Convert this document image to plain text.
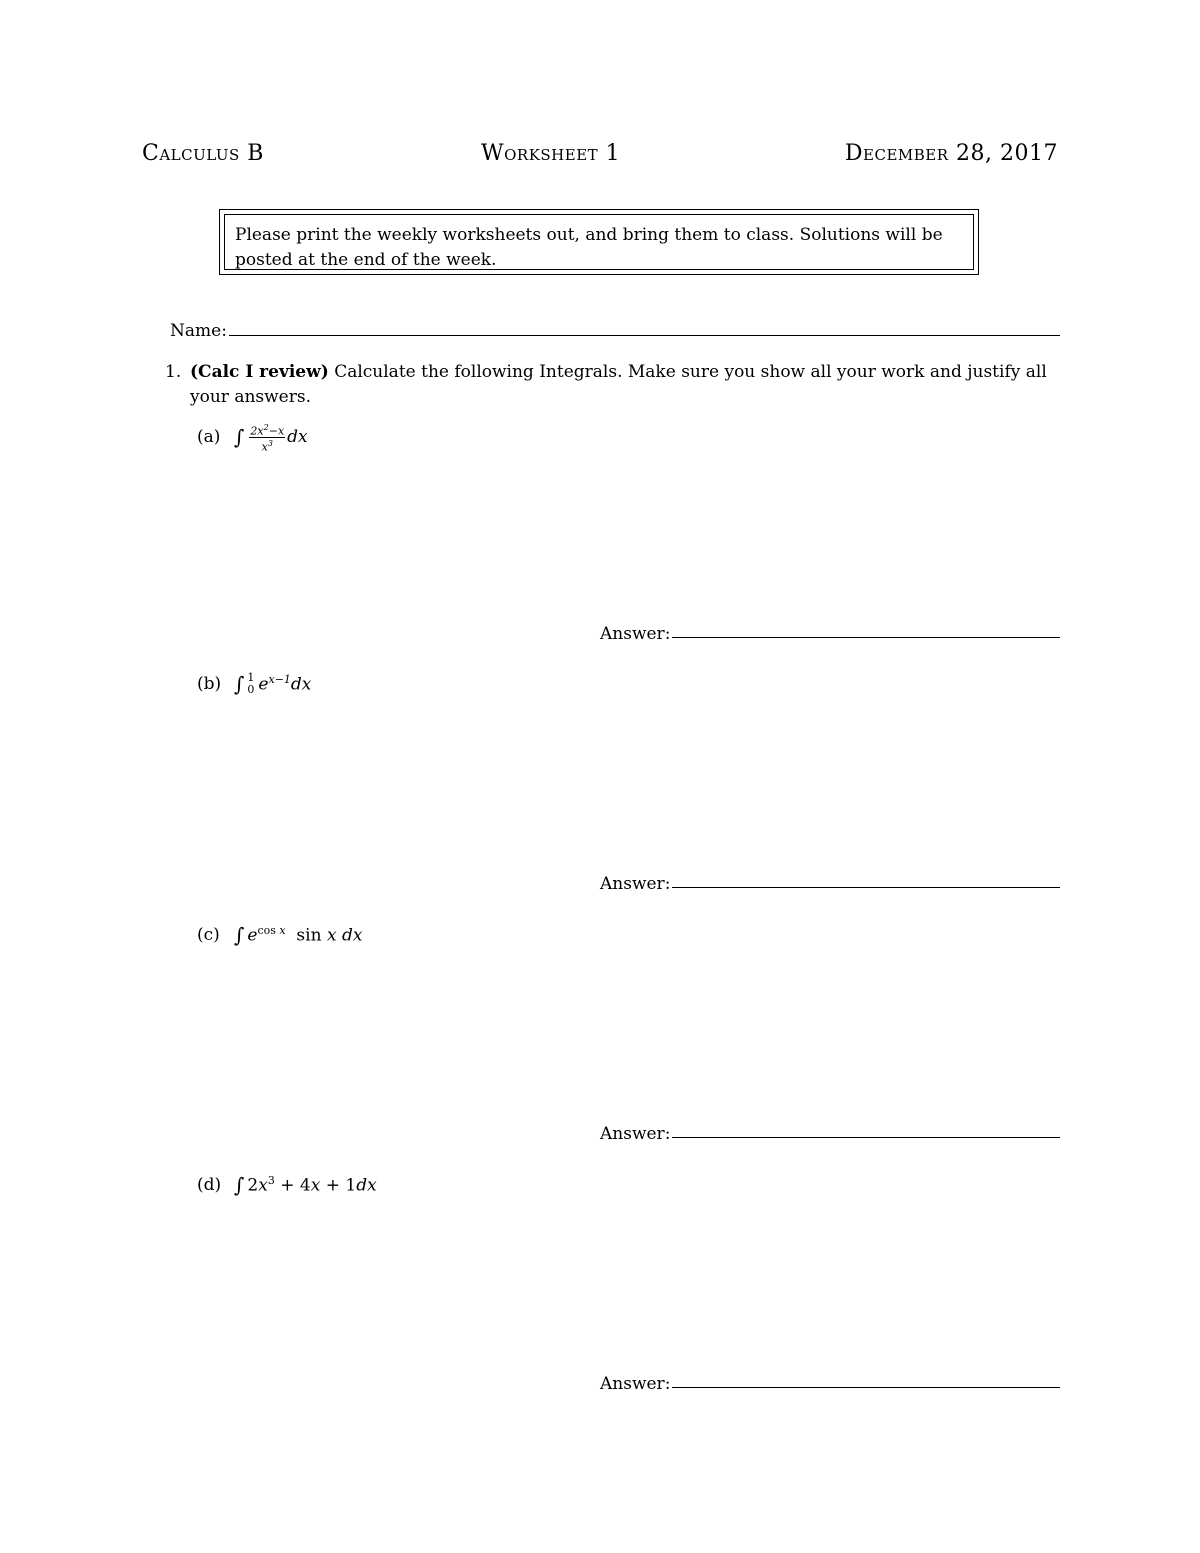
Calculus B	Worksheet 1	December 28, 2017
Please print the weekly worksheets out, and bring them to class. Solutions will be posted at the end of the week.
Name:
1. (Calc I review) Calculate the following Integrals. Make sure you show all your work and justify all your answers.
(a) ∫ $\frac{2x^2-x}{x^3}$ dx
Answer:
(b) ∫ 1
0 $e^{x-1}dx$
Answer:
(c) ∫ $e^{cos x}$  sin x dx
Answer:
(d) ∫ $2x^3 + 4x + 1dx$
Answer:
